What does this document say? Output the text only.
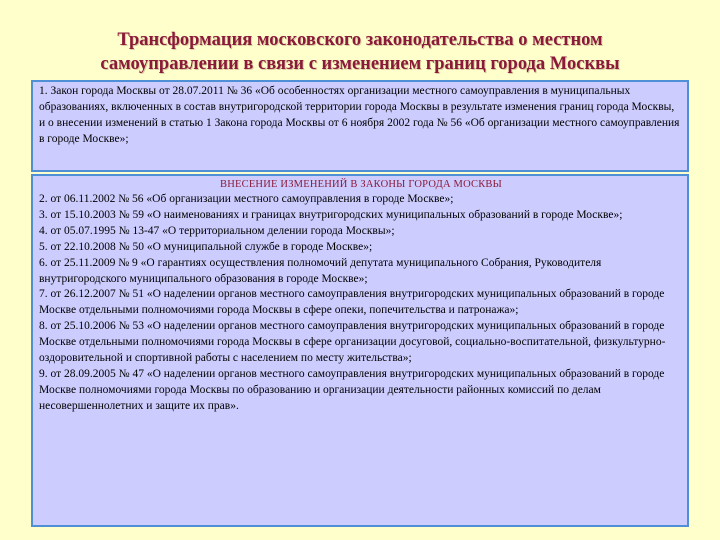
Трансформация московского законодательства о местном
самоуправлении в связи с изменением границ города Москвы

1. Закон города Москвы от 28.07.2011 № 36 «Об особенностях организации местного самоуправления в муниципальных образованиях, включенных в состав внутригородской территории города Москвы в результате изменения границ города Москвы, и о внесении изменений в статью 1 Закона города Москвы от 6 ноября 2002 года № 56 «Об организации местного самоуправления в городе Москве»;

ВНЕСЕНИЕ ИЗМЕНЕНИЙ В ЗАКОНЫ ГОРОДА МОСКВЫ

2. от 06.11.2002 № 56 «Об организации местного самоуправления в городе Москве»;

3. от 15.10.2003 № 59 «О наименованиях и границах внутригородских муниципальных образований в городе Москве»;

4. от 05.07.1995 № 13-47 «О территориальном делении города Москвы»;

5. от 22.10.2008 № 50 «О муниципальной службе в городе Москве»;

6. от 25.11.2009 № 9 «О гарантиях осуществления полномочий депутата муниципального Собрания, Руководителя внутригородского муниципального образования в городе Москве»;

7. от 26.12.2007 № 51 «О наделении органов местного самоуправления внутригородских муниципальных образований в городе Москве отдельными полномочиями города Москвы в сфере опеки, попечительства и патронажа»;

8. от 25.10.2006 № 53 «О наделении органов местного самоуправления внутригородских муниципальных образований в городе Москве отдельными полномочиями города Москвы в сфере организации досуговой, социально-воспитательной, физкультурно-оздоровительной и спортивной работы с населением по месту жительства»;

9. от 28.09.2005 № 47 «О наделении органов местного самоуправления внутригородских муниципальных образований в городе Москве полномочиями города Москвы по образованию и организации деятельности районных комиссий по делам несовершеннолетних и защите их прав».
